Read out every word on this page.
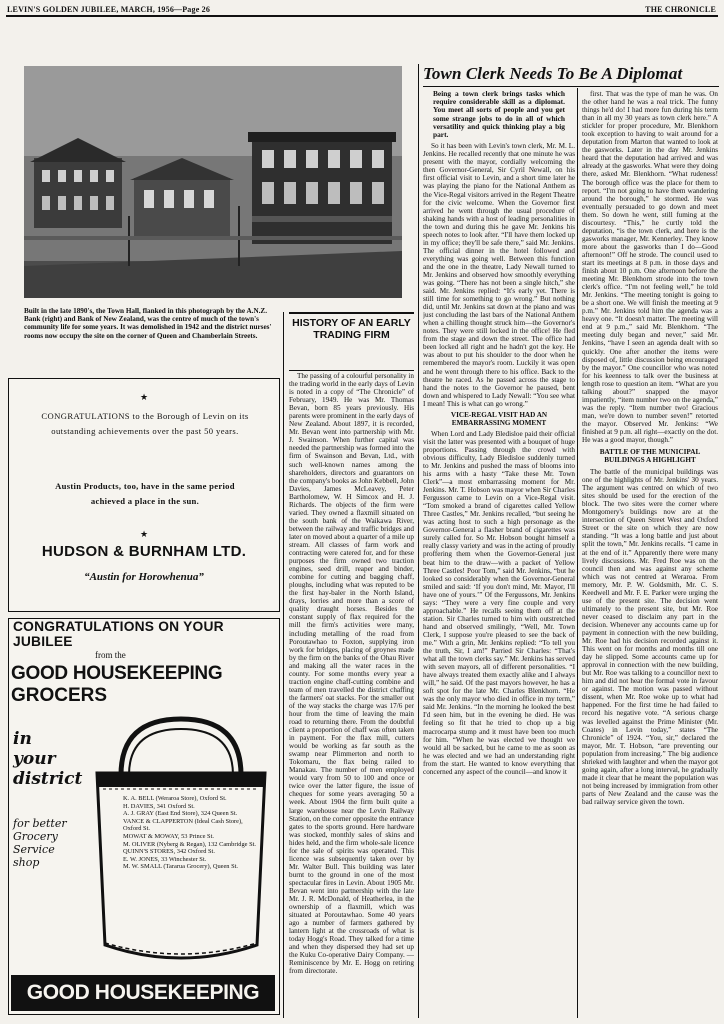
LEVIN'S GOLDEN JUBILEE, MARCH, 1956—Page 26	THE CHRONICLE
Built in the late 1890's, the Town Hall, flanked in this photograph by the A.N.Z. Bank (right) and Bank of New Zealand, was the centre of much of the town's community life for some years. It was demolished in 1942 and the district nurses' rooms now occupy the site on the corner of Queen and Chamberlain Streets.
★
CONGRATULATIONS to the Borough of Levin on its outstanding achievements over the past 50 years.
Austin Products, too, have in the same period achieved a place in the sun.
★
HUDSON & BURNHAM LTD.
“Austin for Horowhenua”
CONGRATULATIONS ON YOUR JUBILEE
from the
GOOD HOUSEKEEPING
GROCERS
in your district
for better Grocery Service shop
K. A. BELL (Weraroa Store), Oxford St.
H. DAVIES, 341 Oxford St.
A. J. GRAY (East End Store), 324 Queen St.
VANCE & CLAPPERTON (Ideal Cash Store), Oxford St.
MOWAT & MOWAY, 53 Prince St.
M. OLIVER (Nyberg & Regan), 132 Cambridge St.
QUINN'S STORES, 342 Oxford St.
E. W. JONES, 33 Winchester St.
M. W. SMALL (Tararua Grocery), Queen St.
GOOD HOUSEKEEPING
HISTORY OF AN EARLY TRADING FIRM

The passing of a colourful personality in the trading world in the early days of Levin is noted in a copy of “The Chronicle” of February, 1949. He was Mr. Thomas Bevan, born 85 years previously. His parents were prominent in the early days of New Zealand. About 1897, it is recorded, Mr. Bevan went into partnership with Mr. J. Swainson. When further capital was needed the partnership was formed into the firm of Swainson and Bevan, Ltd., with such well-known names among the shareholders, directors and guarantors on the company's books as John Kebbell, John Davies, James McLeavey, Peter Bartholomew, W. H Simcox and H. J. Richards. The objects of the firm were varied. They owned a flaxmill situated on the south bank of the Waikawa River, between the railway and traffic bridges and later on moved about a quarter of a mile up stream. All classes of farm work and contracting were catered for, and for these purposes the firm owned two traction engines, seed drill, reaper and binder, combine for cutting and bagging chaff, ploughs, including what was reputed to be the first hay-baler in the North Island, drays, lorries and more than a score of quality draught horses. Besides the constant supply of flax required for the mill the firm's activities were many, including metalling of the road from Poroutawhao to Foxton, supplying iron work for bridges, placing of groynes made by the firm on the banks of the Ohau River and making all the water races in the county. For some months every year a traction engine chaff-cutting combine and team of men travelled the district chaffing the farmers' oat stacks. For the smaller out of the way stacks the charge was 17/6 per hour from the time of leaving the main road to returning there. From the doubtful client a proportion of chaff was often taken in payment. For the flax mill, cutters would be working as far south as the swamp near Plimmerton and north to Tokomaru, the flax being railed to Manakau. The number of men employed would vary from 50 to 100 and once or twice over the latter figure, the issue of cheques for some years averaging 50 a week. About 1904 the firm built quite a large warehouse near the Levin Railway Station, on the corner opposite the entrance gates to the sports ground. Here hardware was stocked, monthly sales of skins and hides held, and the firm whole-sale licence for the sale of spirits was operated. This licence was subsequently taken over by Mr. Walter Bull. This building was later burnt to the ground in one of the most spectacular fires in Levin. About 1905 Mr. Bevan went into partnership with the late Mr. J. R. McDonald, of Heatherlea, in the ownership of a flaxmill, which was situated at Poroutawhao. Some 40 years ago a number of farmers gathered by lantern light at the crossroads of what is today Hogg's Road. They talked for a time and when they dispersed they had set up the Kuku Co-operative Dairy Company. — Reminiscence by Mr. E. Hogg on retiring from directorate.

Town Clerk Needs To Be A Diplomat
Being a town clerk brings tasks which require considerable skill as a diplomat. You meet all sorts of people and you get some strange jobs to do in all of which versatility and quick thinking play a big part.

So it has been with Levin's town clerk, Mr. M. L. Jenkins. He recalled recently that one minute he was present with the mayor, cordially welcoming the then Governor-General, Sir Cyril Newall, on his first official visit to Levin, and a short time later he was playing the piano for the National Anthem as the Vice-Regal visitors arrived in the Regent Theatre for the civic welcome. When the Governor first arrived he went through the usual procedure of shaking hands with a host of leading personalities in the town and during this he gave Mr. Jenkins his speech notes to look after. “I'll have them locked up in my office; they'll be safe there,” said Mr. Jenkins. The official dinner in the hotel followed and everything was going well. Between this function and the one in the theatre, Lady Newall turned to Mr. Jenkins and observed how smoothly everything was going. “There has not been a single hitch,” she said. Mr. Jenkins replied: “It's early yet. There is still time for something to go wrong.” But nothing did, until Mr. Jenkins sat down at the piano and was just concluding the last bars of the National Anthem when a chilling thought struck him—the Governor's notes. They were still locked in the office! He fled from the stage and down the street. The office had been locked all right and he hadn't got the key. He was about to put his shoulder to the door when he remembered the mayor's room. Luckily it was open and he went through there to his office. Back to the theatre he raced. As he passed across the stage to hand the notes to the Governor he paused, bent down and whispered to Lady Newall: “You see what I mean! This is what can go wrong.”

VICE-REGAL VISIT HAD AN EMBARRASSING MOMENT

When Lord and Lady Bledisloe paid their official visit the latter was presented with a bouquet of huge proportions. Passing through the crowd with obvious difficulty, Lady Bledisloe suddenly turned to Mr. Jenkins and pushed the mass of blooms into his arms with a hasty “Take these Mr. Town Clerk”—a most embarrassing moment for Mr. Jenkins. Mr. T. Hobson was mayor when Sir Charles Fergusson came to Levin on a Vice-Regal visit. “Tom smoked a brand of cigarettes called Yellow Three Castles,” Mr. Jenkins recalled, “but seeing he was acting host to such a high personage as the Governor-General a flasher brand of cigarettes was surely called for. So Mr. Hobson bought himself a really classy variety and was in the acting of proudly proffering them when the Governor-General just beat him to the draw—with a packet of Yellow Three Castles! Poor Tom,” said Mr. Jenkins, “but he looked so considerably when the Governor-General smiled and said: ‘If you don't mind, Mr. Mayor, I'll have one of yours.’” Of the Fergussons, Mr. Jenkins says: “They were a very fine couple and very approachable.” He recalls seeing them off at the station. Sir Charles turned to him with outstretched hand and observed smilingly, “Well, Mr. Town Clerk, I suppose you're pleased to see the back of me.” With a grin, Mr. Jenkins replied: “To tell you the truth, Sir, I am!” Parried Sir Charles: “That's what all the town clerks say.” Mr. Jenkins has served with seven mayors, all of different personalities. “I have always treated them exactly alike and I always will,” he said. Of the past mayors however, he has a soft spot for the late Mr. Charles Blenkhorn. “He was the only mayor who died in office in my term,” said Mr. Jenkins. “In the morning he looked the best I'd seen him, but in the evening he died. He was feeling so fit that he tried to chop up a big macrocarpa stump and it must have been too much for him. “When he was elected we thought we would all be sacked, but he came to me as soon as he was elected and we had an understanding right from the start. He wanted to know everything that concerned any aspect of the council—and know it

first. That was the type of man he was. On the other hand he was a real trick. The funny things he'd do! I had more fun during his term than in all my 30 years as town clerk here.” A stickler for proper procedure, Mr. Blenkhorn took exception to having to wait around for a deputation from Marton that wanted to look at the gasworks. Later in the day Mr. Jenkins heard that the deputation had arrived and was already at the gasworks. What were they doing there, asked Mr. Blenkhorn. “What rudeness! The borough office was the place for them to report. “I'm not going to have them wandering around the borough,” he stormed. He was eventually persuaded to go down and meet them. So down he went, still fuming at the discourtesy. “This,” he curtly told the deputation, “is the town clerk, and here is the gasworks manager, Mr. Kennerley. They know more about the gasworks than I do—Good afternoon!” Off he strode. The council used to start its meetings at 8 p.m. in those days and finish about 10 p.m. One afternoon before the meeting Mr. Blenkhorn strode into the town clerk's office. “I'm not feeling well,” he told Mr. Jenkins. “The meeting tonight is going to be a short one. We will finish the meeting at 9 p.m.” Mr. Jenkins told him the agenda was a heavy one. “It doesn't matter. The meeting will end at 9 p.m.,” said Mr. Blenkhorn. “The meeting duly began and never,” said Mr. Jenkins, “have I seen an agenda dealt with so quickly. One after another the items were disposed of, little discussion being encouraged by the mayor.” One councillor who was noted for his keenness to talk over the business at length rose to question an item. “What are you talking about?” snapped the mayor impatiently, “item number two on the agenda,” was the reply. “Item number two! Gracious man, we're down to number seven!” retorted the mayor. Observed Mr. Jenkins: “We finished at 9 p.m. all right—exactly on the dot. He was a good mayor, though.”

BATTLE OF THE MUNICIPAL BUILDINGS A HIGHLIGHT

The battle of the municipal buildings was one of the highlights of Mr. Jenkins' 30 years. The argument was centred on which of two sites should be used for the erection of the block. The two sites were the corner where Montgomery's buildings now are at the intersection of Queen Street West and Oxford Street or the site on which they are now standing. “It was a long battle and just about split the town,” Mr. Jenkins recalls. “I came in at the end of it.” Apparently there were many lively discussions. Mr. Fred Roe was on the council then and was against any scheme which was not centred at Weraroa. From memory, Mr. P. W. Goldsmith, Mr. C. S. Keedwell and Mr. F. E. Parker were urging the use of the present site. The decision went ultimately to the present site, but Mr. Roe never ceased to disclaim any part in the decision. Whenever any accounts came up for payment in connection with the new building, Mr. Roe had his decision recorded against it. This went on for months and months till one day he slipped. Some accounts came up for approval in connection with the new building, but Mr. Roe was talking to a councillor next to him and did not hear the formal vote in favour or against. The motion was passed without dissent, when Mr. Roe woke up to what had happened. For the first time he had failed to record his negative vote. “A serious charge was levelled against the Prime Minister (Mr. Coates) in Levin today,” states “The Chronicle” of 1924. “You, sir,” declared the mayor, Mr. T. Hobson, “are preventing our population from increasing.” The big audience shrieked with laughter and when the mayor got going again, after a long interval, he gradually made it clear that he meant the population was not being increased by immigration from other parts of New Zealand and the cause was the bad railway service given the town.
